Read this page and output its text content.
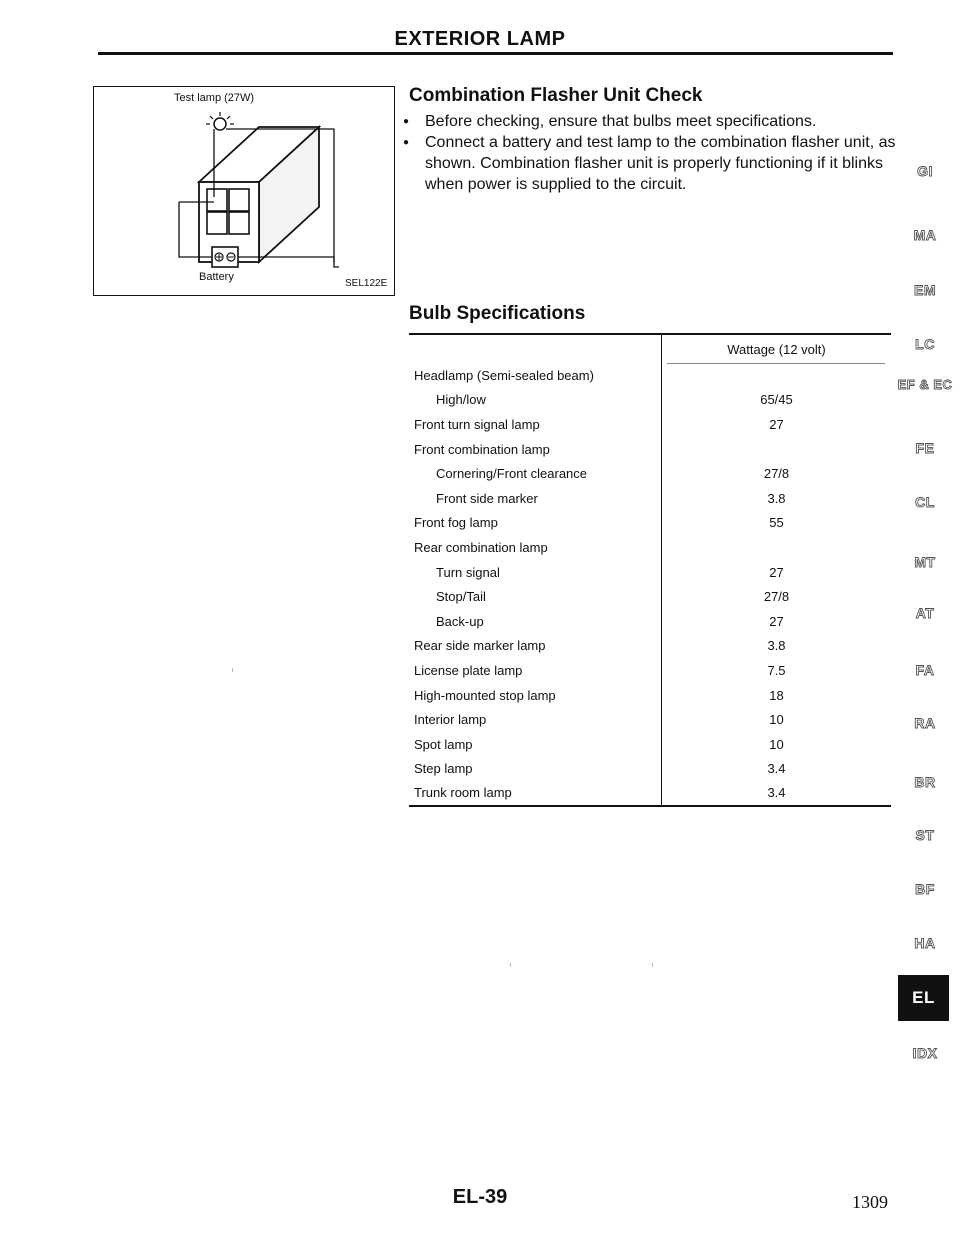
EXTERIOR LAMP
Test lamp (27W)
Battery
SEL122E
Combination Flasher Unit Check
● Before checking, ensure that bulbs meet specifications.
● Connect a battery and test lamp to the combination flasher unit, as shown. Combination flasher unit is properly functioning if it blinks when power is supplied to the circuit.
Bulb Specifications
	Wattage (12 volt)
Headlamp (Semi-sealed beam)	
High/low	65/45
Front turn signal lamp	27
Front combination lamp	
Cornering/Front clearance	27/8
Front side marker	3.8
Front fog lamp	55
Rear combination lamp	
Turn signal	27
Stop/Tail	27/8
Back-up	27
Rear side marker lamp	3.8
License plate lamp	7.5
High-mounted stop lamp	18
Interior lamp	10
Spot lamp	10
Step lamp	3.4
Trunk room lamp	3.4
GI
MA
EM
LC
EF & EC
FE
CL
MT
AT
FA
RA
BR
ST
BF
HA
EL
IDX
EL-39	1309
